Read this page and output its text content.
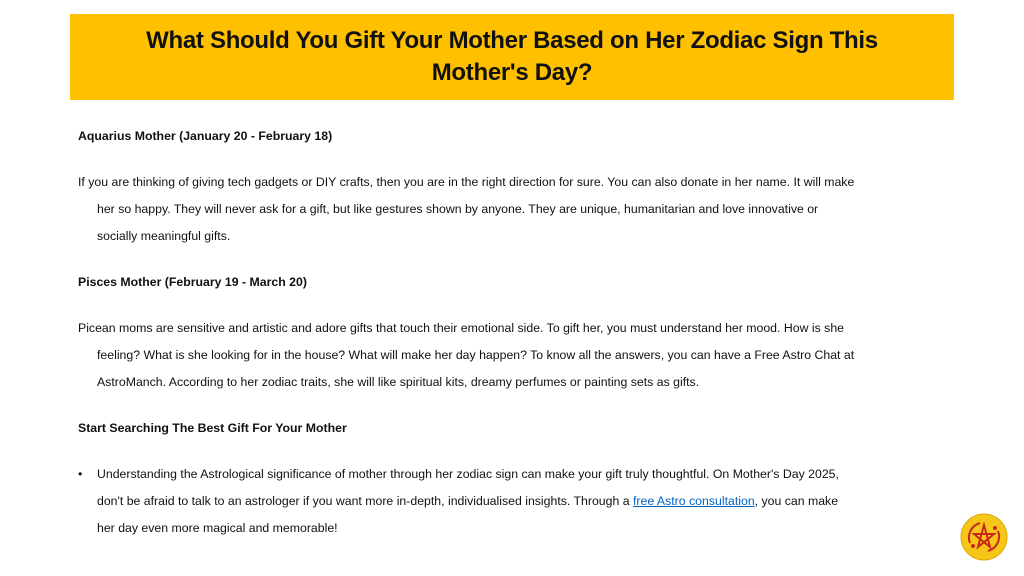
What Should You Gift Your Mother Based on Her Zodiac Sign This
Mother's Day?
Aquarius Mother (January 20 - February 18)
If you are thinking of giving tech gadgets or DIY crafts, then you are in the right direction for sure. You can also donate in her name. It will make
her so happy. They will never ask for a gift, but like gestures shown by anyone. They are unique, humanitarian and love innovative or
socially meaningful gifts.
Pisces Mother (February 19 - March 20)
Picean moms are sensitive and artistic and adore gifts that touch their emotional side. To gift her, you must understand her mood. How is she
feeling? What is she looking for in the house? What will make her day happen? To know all the answers, you can have a Free Astro Chat at
AstroManch. According to her zodiac traits, she will like spiritual kits, dreamy perfumes or painting sets as gifts.
Start Searching The Best Gift For Your Mother
• Understanding the Astrological significance of mother through her zodiac sign can make your gift truly thoughtful. On Mother's Day 2025,
don't be afraid to talk to an astrologer if you want more in-depth, individualised insights. Through a free Astro consultation, you can make
her day even more magical and memorable!
